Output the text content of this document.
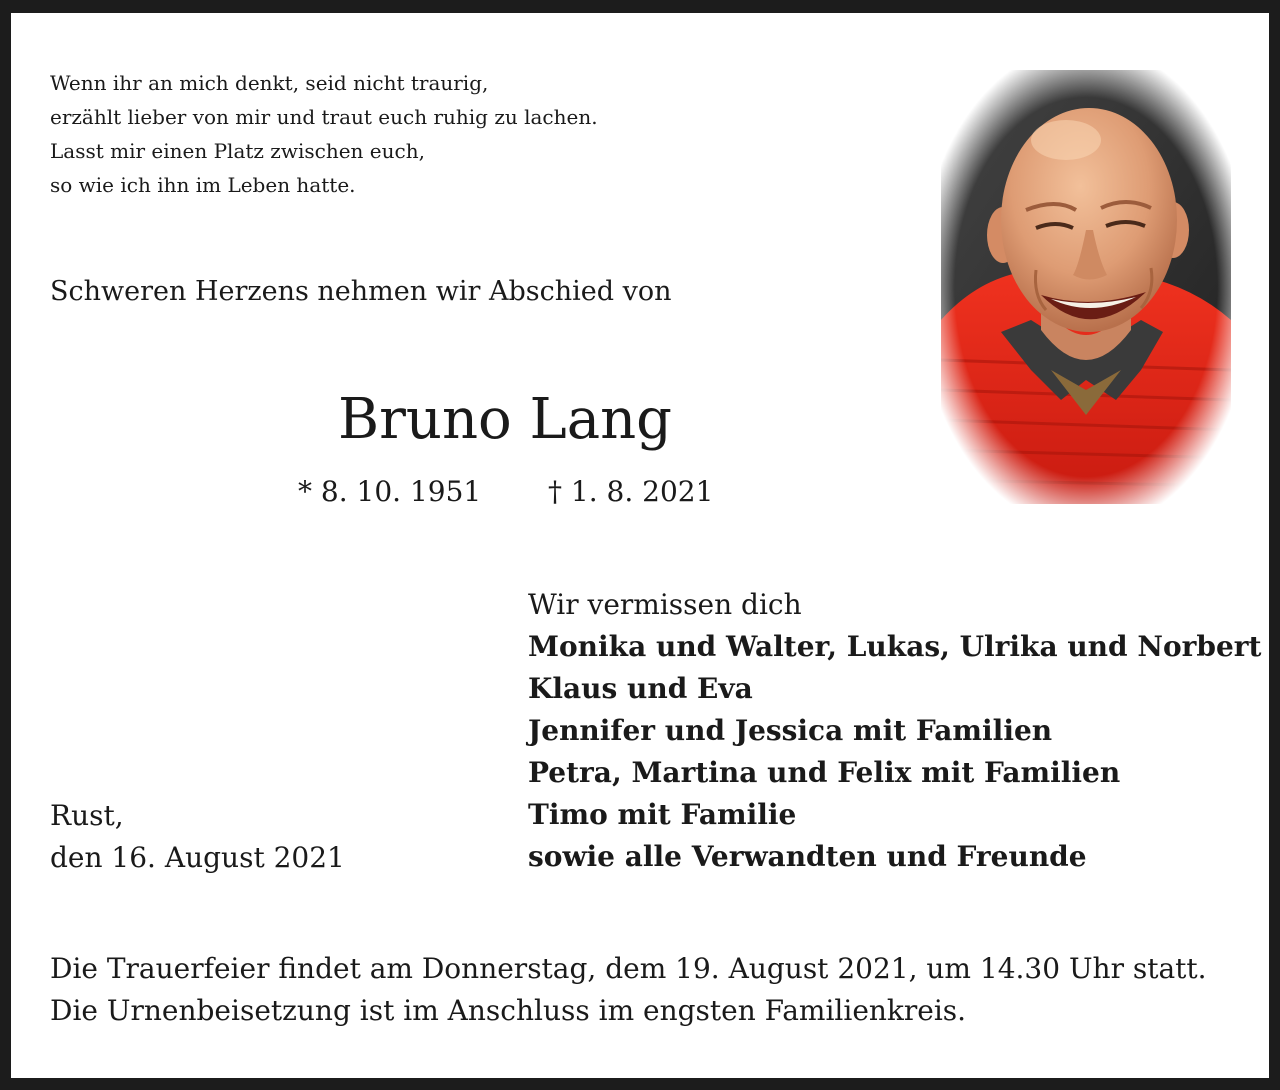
Wenn ihr an mich denkt, seid nicht traurig,
erzählt lieber von mir und traut euch ruhig zu lachen.
Lasst mir einen Platz zwischen euch,
so wie ich ihn im Leben hatte.
Schweren Herzens nehmen wir Abschied von
Bruno Lang
* 8. 10. 1951 † 1. 8. 2021
Wir vermissen dich
Monika und Walter, Lukas, Ulrika und Norbert
Klaus und Eva
Jennifer und Jessica mit Familien
Petra, Martina und Felix mit Familien
Timo mit Familie
sowie alle Verwandten und Freunde
Rust,
den 16. August 2021
Die Trauerfeier findet am Donnerstag, dem 19. August 2021, um 14.30 Uhr statt.
Die Urnenbeisetzung ist im Anschluss im engsten Familienkreis.
